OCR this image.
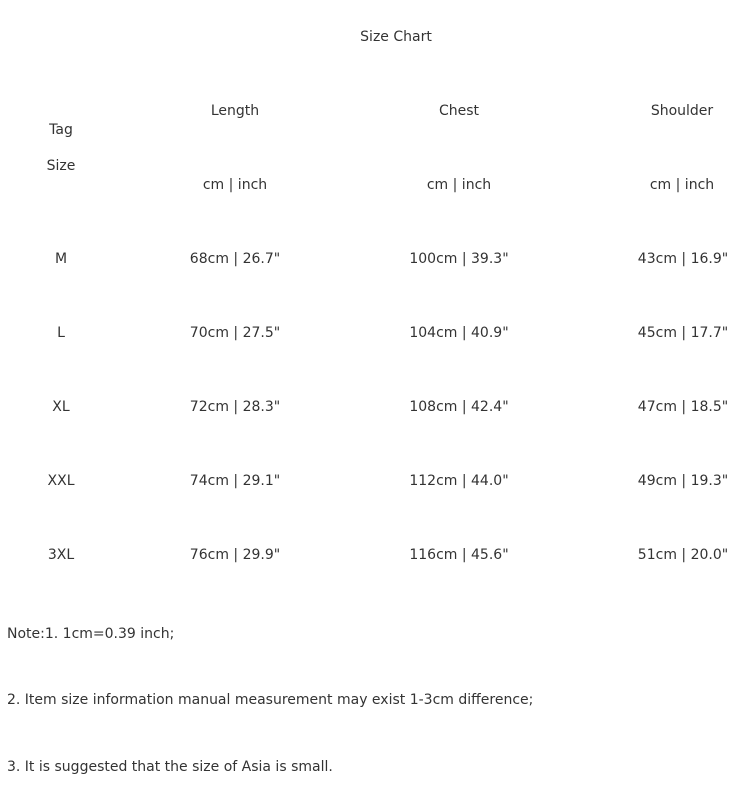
Size Chart
Tag
Size
Length	Chest	Shoulder
cm | inch	cm | inch	cm | inch
M	68cm | 26.7"	100cm | 39.3"	43cm | 16.9"
L	70cm | 27.5"	104cm | 40.9"	45cm | 17.7"
XL	72cm | 28.3"	108cm | 42.4"	47cm | 18.5"
XXL	74cm | 29.1"	112cm | 44.0"	49cm | 19.3"
3XL	76cm | 29.9"	116cm | 45.6"	51cm | 20.0"
Note:1. 1cm=0.39 inch;
2. Item size information manual measurement may exist 1-3cm difference;
3. It is suggested that the size of Asia is small.
